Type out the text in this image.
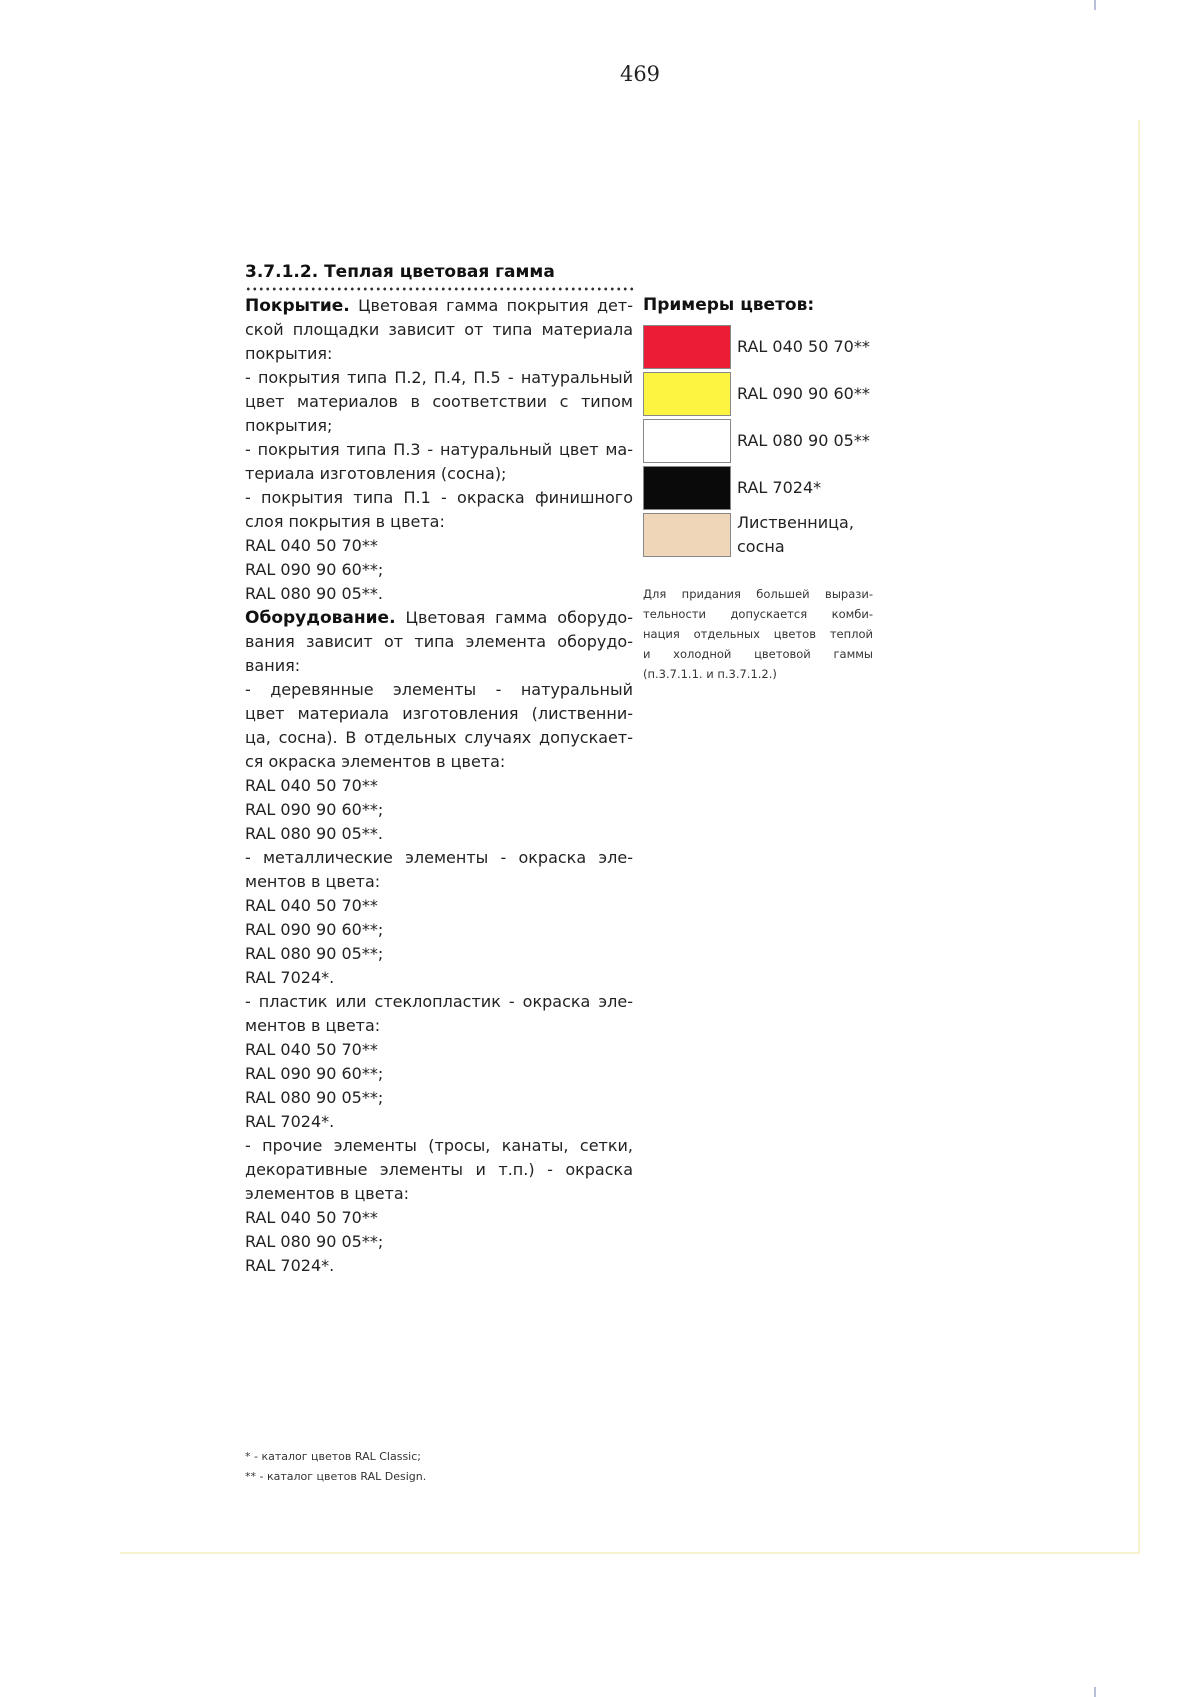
469
3.7.1.2. Теплая цветовая гамма
Покрытие. Цветовая гамма покрытия дет-
ской площадки зависит от типа материала
покрытия:
- покрытия типа П.2, П.4, П.5 - натуральный
цвет материалов в соответствии с типом
покрытия;
- покрытия типа П.3 - натуральный цвет ма-
териала изготовления (сосна);
- покрытия типа П.1 - окраска финишного
слоя покрытия в цвета:
RAL 040 50 70**
RAL 090 90 60**;
RAL 080 90 05**.
Оборудование. Цветовая гамма оборудо-
вания зависит от типа элемента оборудо-
вания:
- деревянные элементы - натуральный
цвет материала изготовления (лиственни-
ца, сосна). В отдельных случаях допускает-
ся окраска элементов в цвета:
RAL 040 50 70**
RAL 090 90 60**;
RAL 080 90 05**.
- металлические элементы - окраска эле-
ментов в цвета:
RAL 040 50 70**
RAL 090 90 60**;
RAL 080 90 05**;
RAL 7024*.
- пластик или стеклопластик - окраска эле-
ментов в цвета:
RAL 040 50 70**
RAL 090 90 60**;
RAL 080 90 05**;
RAL 7024*.
- прочие элементы (тросы, канаты, сетки,
декоративные элементы и т.п.) - окраска
элементов в цвета:
RAL 040 50 70**
RAL 080 90 05**;
RAL 7024*.
Примеры цветов:
RAL 040 50 70**
RAL 090 90 60**
RAL 080 90 05**
RAL 7024*
Лиственница,
сосна
Для придания большей вырази-
тельности допускается комби-
нация отдельных цветов теплой
и холодной цветовой гаммы
(п.3.7.1.1. и п.3.7.1.2.)
* - каталог цветов RAL Classic;
** - каталог цветов RAL Design.
